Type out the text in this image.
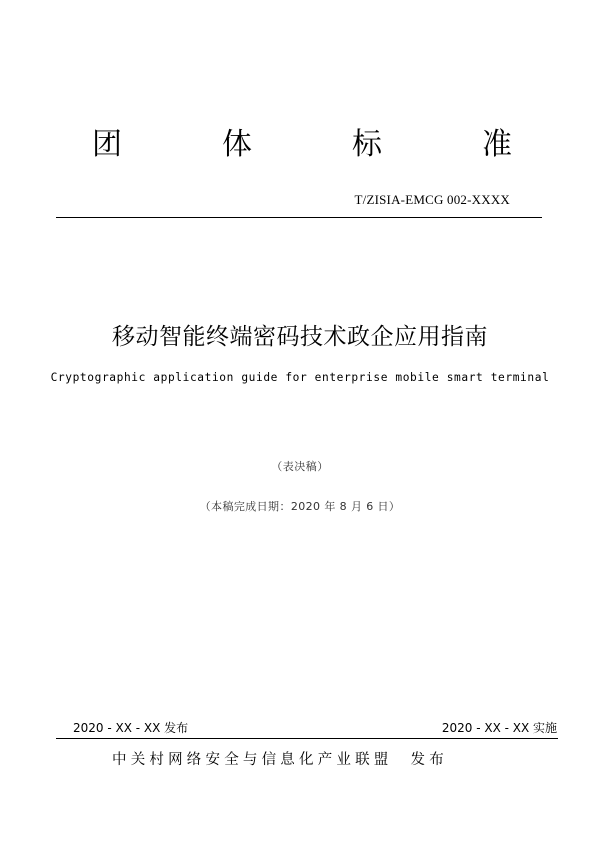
团	体	标	准
T/ZISIA-EMCG 002-XXXX
移动智能终端密码技术政企应用指南
Cryptographic application guide for enterprise mobile smart terminal
（表决稿）
（本稿完成日期：2020 年 8 月 6 日）
2020 - XX - XX 发布	2020 - XX - XX 实施
中关村网络安全与信息化产业联盟 发布
